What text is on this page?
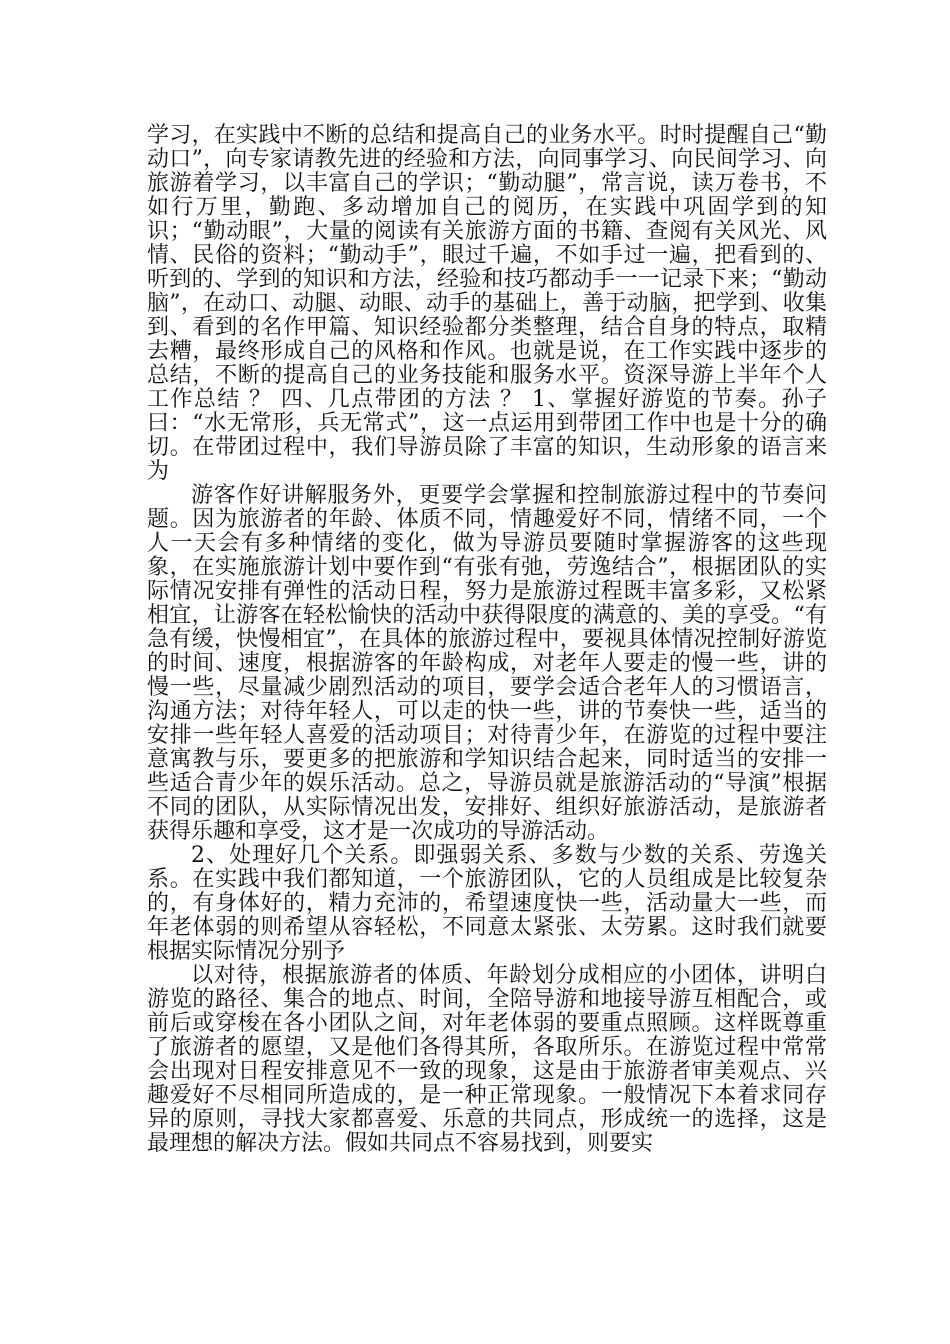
学习，在实践中不断的总结和提高自己的业务水平。时时提醒自己“勤动口”，向专家请教先进的经验和方法，向同事学习、向民间学习、向旅游着学习，以丰富自己的学识；“勤动腿”，常言说，读万卷书，不如行万里，勤跑、多动增加自己的阅历，在实践中巩固学到的知识；“勤动眼”，大量的阅读有关旅游方面的书籍、查阅有关风光、风情、民俗的资料；“勤动手”，眼过千遍，不如手过一遍，把看到的、听到的、学到的知识和方法，经验和技巧都动手一一记录下来；“勤动脑”，在动口、动腿、动眼、动手的基础上，善于动脑，把学到、收集到、看到的名作甲篇、知识经验都分类整理，结合自身的特点，取精去糟，最终形成自己的风格和作风。也就是说，在工作实践中逐步的总结，不断的提高自己的业务技能和服务水平。资深导游上半年个人工作总结 ？ 四、几点带团的方法 ？ 1、掌握好游览的节奏。孙子曰：“水无常形，兵无常式”，这一点运用到带团工作中也是十分的确切。在带团过程中，我们导游员除了丰富的知识，生动形象的语言来为

游客作好讲解服务外，更要学会掌握和控制旅游过程中的节奏问题。因为旅游者的年龄、体质不同，情趣爱好不同，情绪不同，一个人一天会有多种情绪的变化，做为导游员要随时掌握游客的这些现象，在实施旅游计划中要作到“有张有弛，劳逸结合”，根据团队的实际情况安排有弹性的活动日程，努力是旅游过程既丰富多彩，又松紧相宜，让游客在轻松愉快的活动中获得限度的满意的、美的享受。“有急有缓，快慢相宜”，在具体的旅游过程中，要视具体情况控制好游览的时间、速度，根据游客的年龄构成，对老年人要走的慢一些，讲的慢一些，尽量减少剧烈活动的项目，要学会适合老年人的习惯语言，沟通方法；对待年轻人，可以走的快一些，讲的节奏快一些，适当的安排一些年轻人喜爱的活动项目；对待青少年，在游览的过程中要注意寓教与乐，要更多的把旅游和学知识结合起来，同时适当的安排一些适合青少年的娱乐活动。总之，导游员就是旅游活动的“导演”根据不同的团队，从实际情况出发，安排好、组织好旅游活动，是旅游者获得乐趣和享受，这才是一次成功的导游活动。

2、处理好几个关系。即强弱关系、多数与少数的关系、劳逸关系。在实践中我们都知道，一个旅游团队，它的人员组成是比较复杂的，有身体好的，精力充沛的，希望速度快一些，活动量大一些，而年老体弱的则希望从容轻松，不同意太紧张、太劳累。这时我们就要根据实际情况分别予

以对待，根据旅游者的体质、年龄划分成相应的小团体，讲明白游览的路径、集合的地点、时间，全陪导游和地接导游互相配合，或前后或穿梭在各小团队之间，对年老体弱的要重点照顾。这样既尊重了旅游者的愿望，又是他们各得其所，各取所乐。在游览过程中常常会出现对日程安排意见不一致的现象，这是由于旅游者审美观点、兴趣爱好不尽相同所造成的，是一种正常现象。一般情况下本着求同存异的原则，寻找大家都喜爱、乐意的共同点，形成统一的选择，这是最理想的解决方法。假如共同点不容易找到，则要实
